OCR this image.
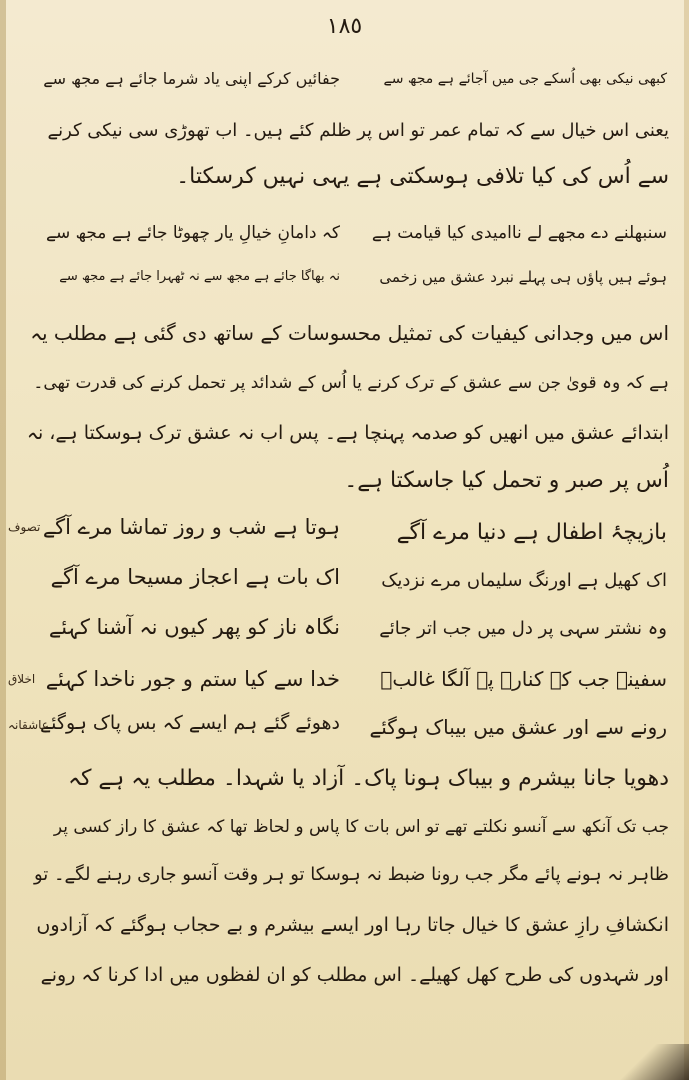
١٨٥
کبھی نیکی بھی اُسکے جی میں آجائے ہے مجھ سے
جفائیں کرکے اپنی یاد شرما جائے ہے مجھ سے
یعنی اس خیال سے کہ تمام عمر تو اس پر ظلم کئے ہیں۔ اب تھوڑی سی نیکی کرنے
سے اُس کی کیا تلافی ہوسکتی ہے یہی نہیں کرسکتا۔
سنبھلنے دے مجھے لے ناامیدی کیا قیامت ہے
کہ دامانِ خیالِ یار چھوٹا جائے ہے مجھ سے
ہوئے ہیں پاؤں ہی پہلے نبرد عشق میں زخمی
نہ بھاگا جائے ہے مجھ سے نہ ٹھہرا جائے ہے مجھ سے
اس میں وجدانی کیفیات کی تمثیل محسوسات کے ساتھ دی گئی ہے مطلب یہ
ہے کہ وہ قویٰ جن سے عشق کے ترک کرنے یا اُس کے شدائد پر تحمل کرنے کی قدرت تھی۔
ابتدائے عشق میں انھیں کو صدمہ پہنچا ہے۔ پس اب نہ عشق ترک ہوسکتا ہے، نہ
اُس پر صبر و تحمل کیا جاسکتا ہے۔
بازیچۂ اطفال ہے دنیا مرے آگے
ہوتا ہے شب و روز تماشا مرے آگے
تصوف
اک کھیل ہے اورنگ سلیماں مرے نزدیک
اک بات ہے اعجاز مسیحا مرے آگے
وہ نشتر سہی پر دل میں جب اتر جائے
نگاہ ناز کو پھر کیوں نہ آشنا کہئے
سفینہ جب کہ کنارے پہ آلگا غالبؔ
خدا سے کیا ستم و جور ناخدا کہئے
اخلاق
رونے سے اور عشق میں بیباک ہوگئے
دھوئے گئے ہم ایسے کہ بس پاک ہوگئے
عاشقانہ
دھویا جانا بیشرم و بیباک ہونا پاک۔ آزاد یا شہدا۔ مطلب یہ ہے کہ
جب تک آنکھ سے آنسو نکلتے تھے تو اس بات کا پاس و لحاظ تھا کہ عشق کا راز کسی پر
ظاہر نہ ہونے پائے مگر جب رونا ضبط نہ ہوسکا تو ہر وقت آنسو جاری رہنے لگے۔ تو
انکشافِ رازِ عشق کا خیال جاتا رہا اور ایسے بیشرم و بے حجاب ہوگئے کہ آزادوں
اور شہدوں کی طرح کھل کھیلے۔ اس مطلب کو ان لفظوں میں ادا کرنا کہ رونے
